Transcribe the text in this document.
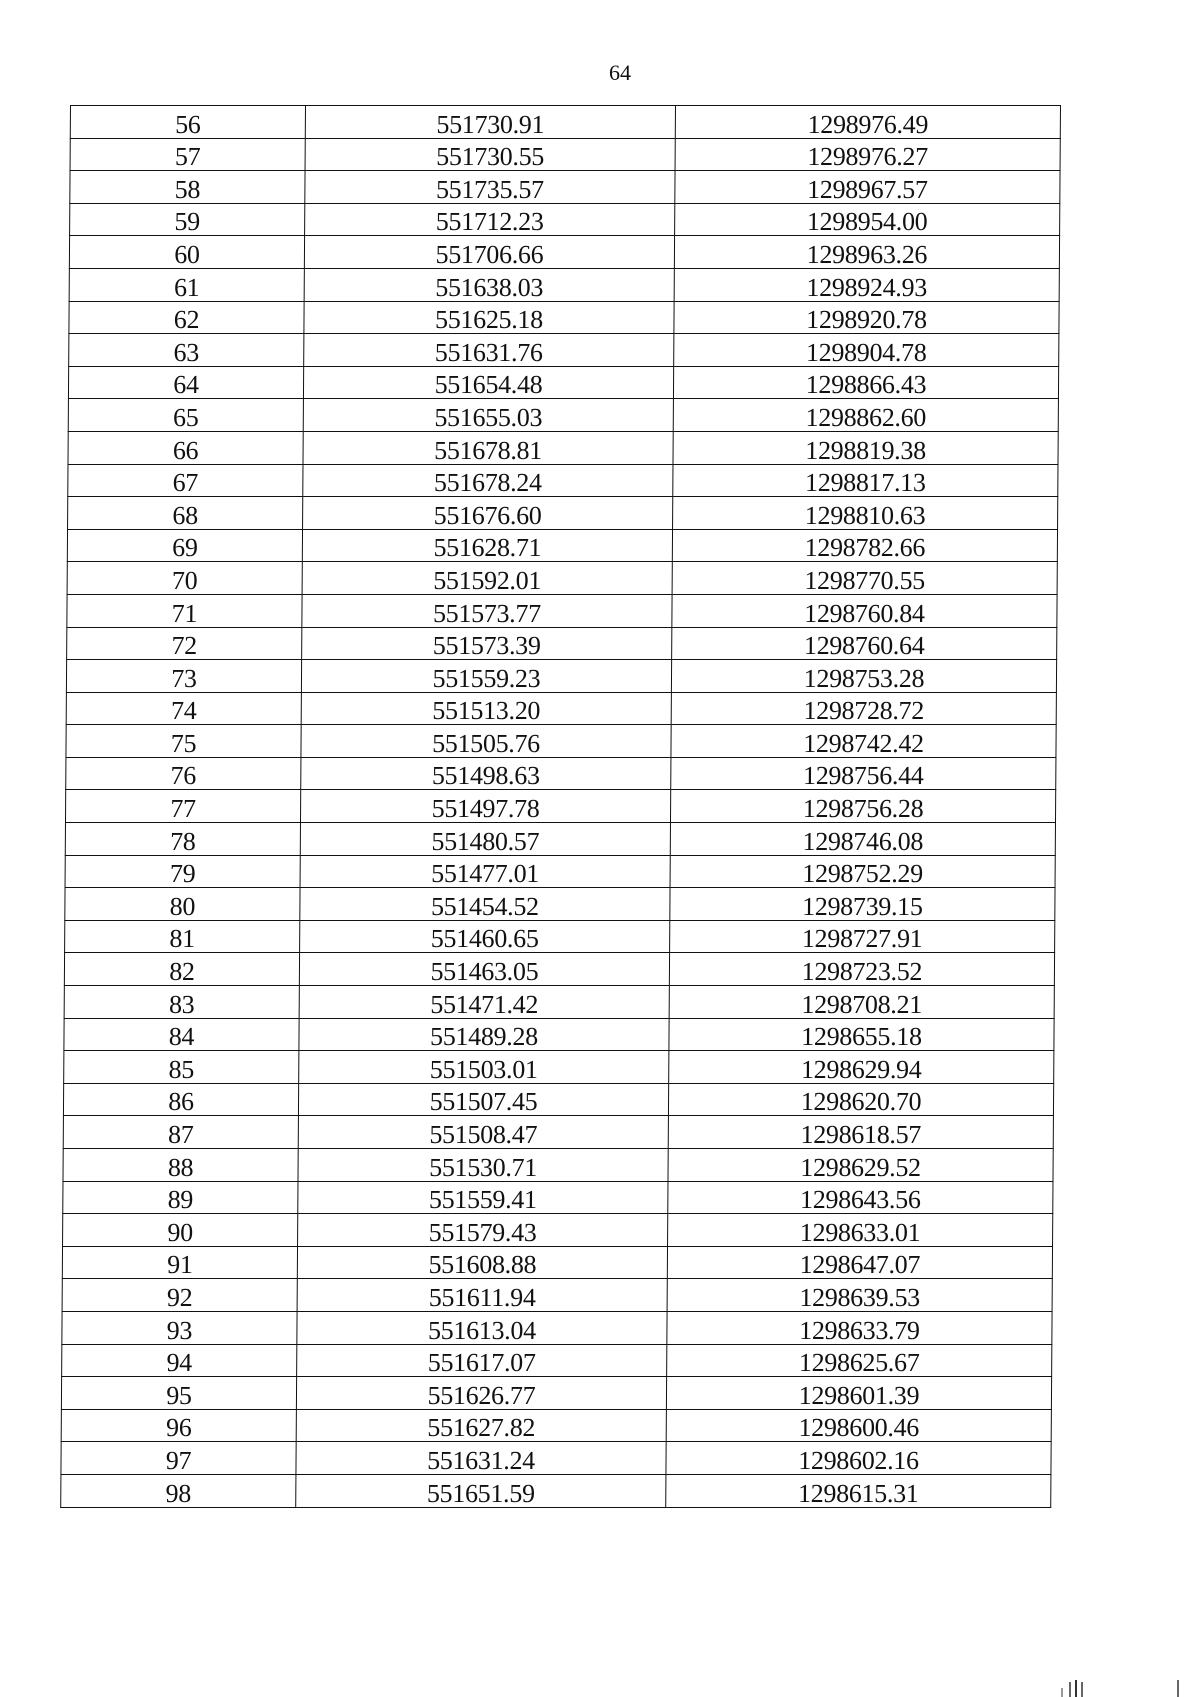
64
56	551730.91	1298976.49
57	551730.55	1298976.27
58	551735.57	1298967.57
59	551712.23	1298954.00
60	551706.66	1298963.26
61	551638.03	1298924.93
62	551625.18	1298920.78
63	551631.76	1298904.78
64	551654.48	1298866.43
65	551655.03	1298862.60
66	551678.81	1298819.38
67	551678.24	1298817.13
68	551676.60	1298810.63
69	551628.71	1298782.66
70	551592.01	1298770.55
71	551573.77	1298760.84
72	551573.39	1298760.64
73	551559.23	1298753.28
74	551513.20	1298728.72
75	551505.76	1298742.42
76	551498.63	1298756.44
77	551497.78	1298756.28
78	551480.57	1298746.08
79	551477.01	1298752.29
80	551454.52	1298739.15
81	551460.65	1298727.91
82	551463.05	1298723.52
83	551471.42	1298708.21
84	551489.28	1298655.18
85	551503.01	1298629.94
86	551507.45	1298620.70
87	551508.47	1298618.57
88	551530.71	1298629.52
89	551559.41	1298643.56
90	551579.43	1298633.01
91	551608.88	1298647.07
92	551611.94	1298639.53
93	551613.04	1298633.79
94	551617.07	1298625.67
95	551626.77	1298601.39
96	551627.82	1298600.46
97	551631.24	1298602.16
98	551651.59	1298615.31
